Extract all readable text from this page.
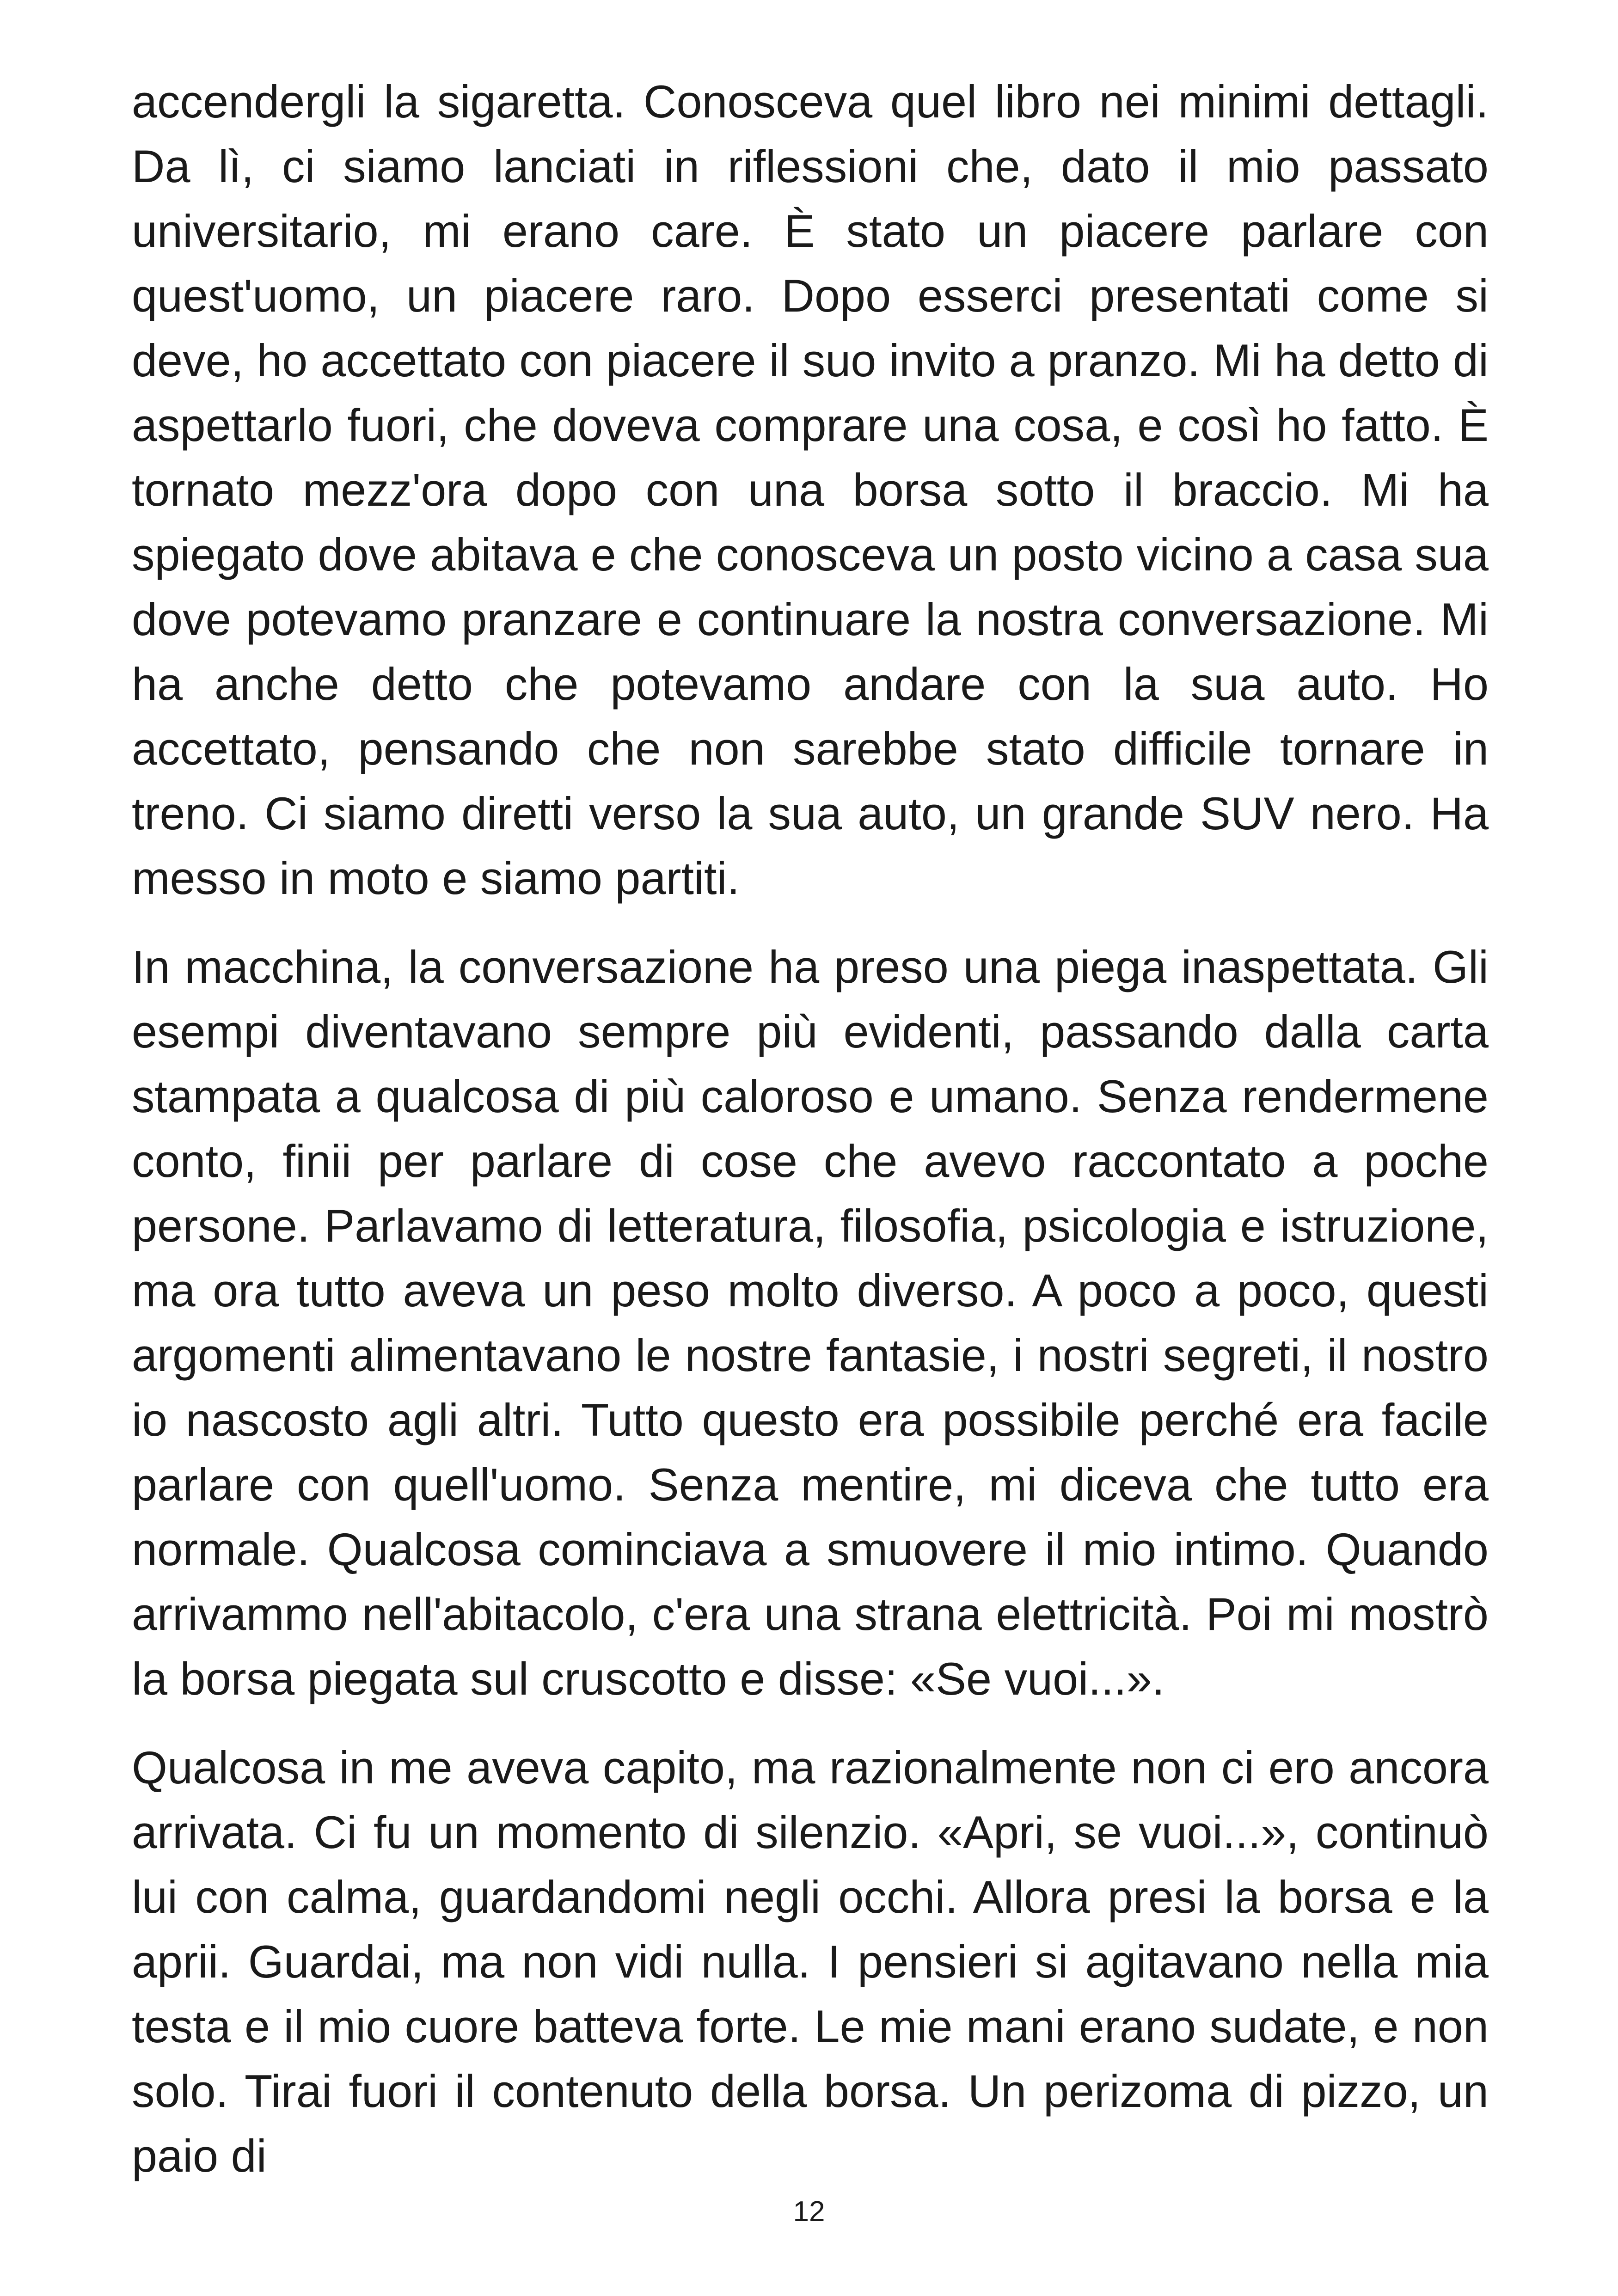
accendergli la sigaretta. Conosceva quel libro nei minimi dettagli. Da lì, ci siamo lanciati in riflessioni che, dato il mio passato universitario, mi erano care. È stato un piacere parlare con quest'uomo, un piacere raro. Dopo esserci presentati come si deve, ho accettato con piacere il suo invito a pranzo. Mi ha detto di aspettarlo fuori, che doveva comprare una cosa, e così ho fatto. È tornato mezz'ora dopo con una borsa sotto il braccio. Mi ha spiegato dove abitava e che conosceva un posto vicino a casa sua dove potevamo pranzare e continuare la nostra conversazione. Mi ha anche detto che potevamo andare con la sua auto. Ho accettato, pensando che non sarebbe stato difficile tornare in treno. Ci siamo diretti verso la sua auto, un grande SUV nero. Ha messo in moto e siamo partiti.

In macchina, la conversazione ha preso una piega inaspettata. Gli esempi diventavano sempre più evidenti, passando dalla carta stampata a qualcosa di più caloroso e umano. Senza rendermene conto, finii per parlare di cose che avevo raccontato a poche persone. Parlavamo di letteratura, filosofia, psicologia e istruzione, ma ora tutto aveva un peso molto diverso. A poco a poco, questi argomenti alimentavano le nostre fantasie, i nostri segreti, il nostro io nascosto agli altri. Tutto questo era possibile perché era facile parlare con quell'uomo. Senza mentire, mi diceva che tutto era normale. Qualcosa cominciava a smuovere il mio intimo. Quando arrivammo nell'abitacolo, c'era una strana elettricità. Poi mi mostrò la borsa piegata sul cruscotto e disse: «Se vuoi...».

Qualcosa in me aveva capito, ma razionalmente non ci ero ancora arrivata. Ci fu un momento di silenzio. «Apri, se vuoi...», continuò lui con calma, guardandomi negli occhi. Allora presi la borsa e la aprii. Guardai, ma non vidi nulla. I pensieri si agitavano nella mia testa e il mio cuore batteva forte. Le mie mani erano sudate, e non solo. Tirai fuori il contenuto della borsa. Un perizoma di pizzo, un paio di

12
